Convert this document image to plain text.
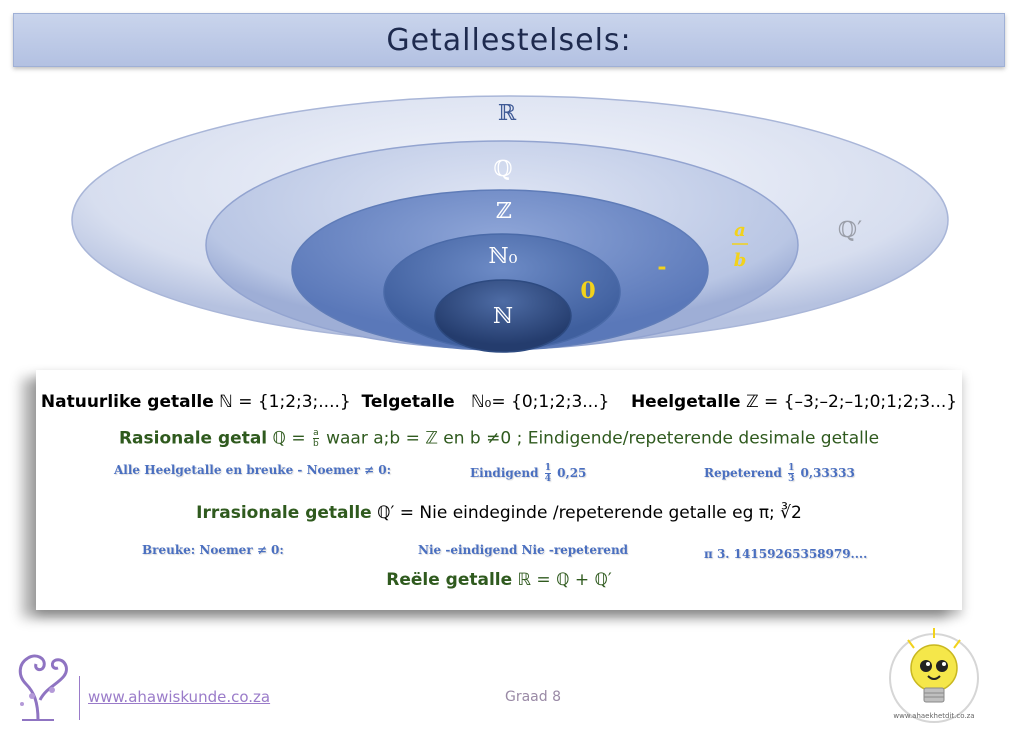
Getallestelsels:
ℝ
ℚ
ℤ
ℕ₀
ℕ
0
-
a
b
ℚ′
Natuurlike getalle ℕ = {1;2;3;....} Telgetalle ℕ₀= {0;1;2;3...} Heelgetalle ℤ = {–3;–2;–1;0;1;2;3...}
Rasionale getal ℚ = $\frac{a}{b}$ waar a;b = ℤ en b ≠0 ; Eindigende/repeterende desimale getalle
Alle Heelgetalle en breuke - Noemer ≠ 0:	Eindigend $\frac{1}{4} 0,25$	Repeterend $\frac{1}{3} 0,33333$
Irrasionale getalle ℚ′ = Nie eindeginde /repeterende getalle eg π; ∛2
Breuke: Noemer ≠ 0:	Nie -eindigend Nie -repeterend	π 3. 14159265358979....
Reële getalle ℝ = ℚ + ℚ′
www.ahawiskunde.co.za	Graad 8
www.ahaekhetdit.co.za
